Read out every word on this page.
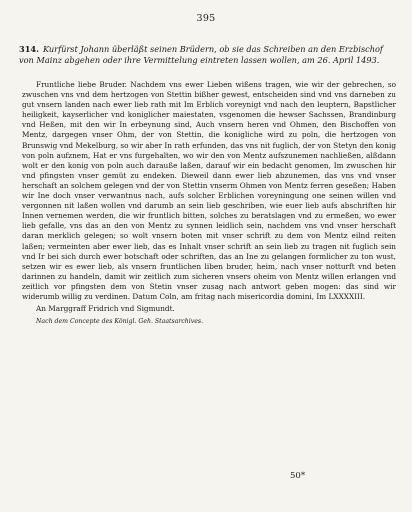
395
314. Kurfürst Johann überläßt seinen Brüdern, ob sie das Schreiben an den Erzbischof von Mainz abgehen oder ihre Vermittelung eintreten lassen wollen, am 26. April 1493.

Fruntliche liebe Bruder. Nachdem vns ewer Lieben wißens tragen, wie wir der gebrechen, so zwuschen vns vnd dem hertzogen von Stettin bißher gewest, entscheiden sind vnd vns darneben zu gut vnsern landen nach ewer lieb rath mit Im Erblich voreynigt vnd nach den leuptern, Bapstlicher heiligkeit, kayserlicher vnd koniglicher maiestaten, vsgenomen die hewser Sachssen, Brandinburg vnd Heßen, mit den wir In erbeynung sind, Auch vnsern heren vnd Ohmen, den Bischoffen von Mentz, dargegen vnser Ohm, der von Stettin, die konigliche wird zu poln, die hertzogen von Brunswig vnd Mekelburg, so wir aber In rath erfunden, das vns nit fuglich, der von Stetyn den konig von poln aufznem, Hat er vns furgehalten, wo wir den von Mentz aufszunemen nachließen, alßdann wolt er den konig von poln auch darauße laßen, darauf wir ein bedacht genomen, Im zwuschen hir vnd pfingsten vnser gemüt zu endeken. Dieweil dann ewer lieb abzunemen, das vns vnd vnser herschaft an solchem gelegen vnd der von Stettin vnserm Ohmen von Mentz ferren geseßen; Haben wir Ine doch vnser verwantnus nach, aufs solcher Erblichen voreyningung one seinen willen vnd vergonnen nit laßen wollen vnd darumb an sein lieb geschriben, wie euer lieb aufs abschriften hir Innen vernemen werden, die wir fruntlich bitten, solches zu beratslagen vnd zu ermeßen, wo ewer lieb gefalle, vns das an den von Mentz zu synnen leidlich sein, nachdem vns vnd vnser herschaft daran merklich gelegen; so wolt vnsern boten mit vnser schrift zu dem von Mentz eilnd reiten laßen; vermeinten aber ewer lieb, das es Inhalt vnser schrift an sein lieb zu tragen nit fuglich sein vnd Ir bei sich durch ewer botschaft oder schriften, das an Ine zu gelangen formlicher zu ton wust, setzen wir es ewer lieb, als vnsern fruntlichen liben bruder, heim, nach vnser notturft vnd beten darinnen zu handeln, damit wir zeitlich zum sicheren vnsers oheim von Mentz willen erlangen vnd zeitlich vor pfingsten dem von Stetin vnser zusag nach antwort geben mogen: das sind wir widerumb willig zu verdinen. Datum Coln, am fritag nach misericordia domini, Im LXXXXIII.

An Marggraff Fridrich vnd Sigmundt.

Nach dem Concepte des Königl. Geh. Staatsarchives.

50*
